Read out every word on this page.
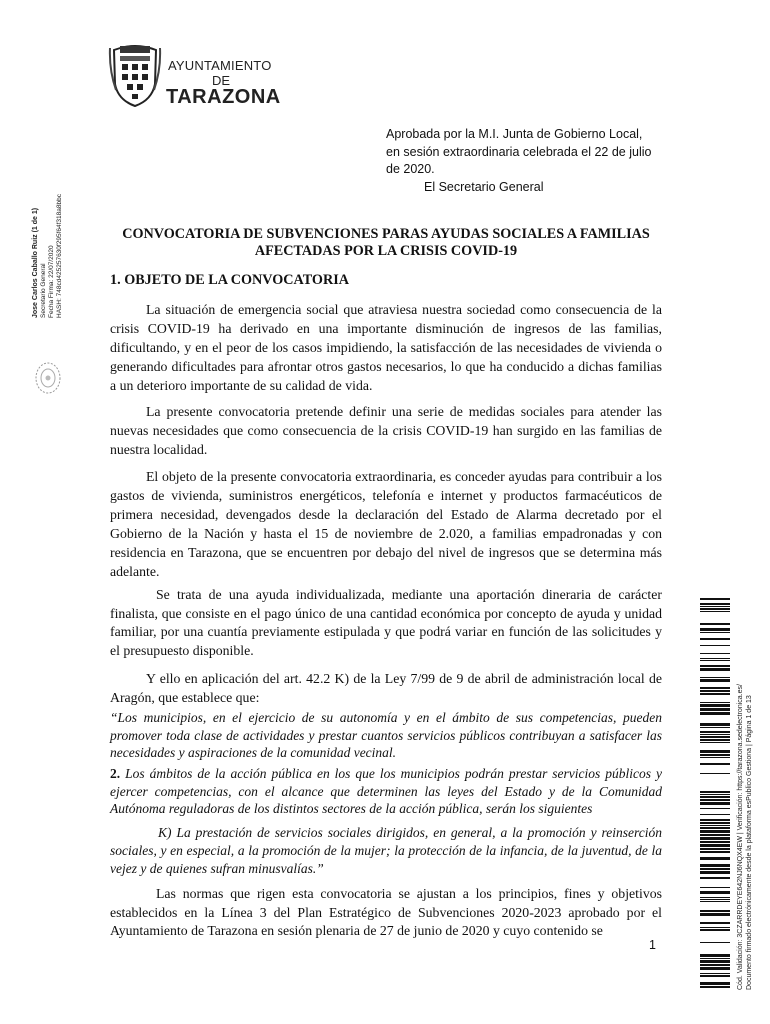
AYUNTAMIENTO
DE
TARAZONA
Aprobada por la M.I. Junta de Gobierno Local,
en sesión extraordinaria celebrada el 22 de julio
de 2020.
El Secretario General
Jose Carlos Caballo Ruiz (1 de 1) Secretario General Fecha Firma: 22/07/2020 HASH: 748cd425257630f295f64f318a8bbc
Cód. Validación: 3CZARRDEYE642NJ6NQX4EW | Verificación: https://tarazona.sedelectronica.es/ Documento firmado electrónicamente desde la plataforma esPublico Gestiona | Página 1 de 13
CONVOCATORIA DE SUBVENCIONES PARAS AYUDAS SOCIALES A FAMILIAS
AFECTADAS POR LA CRISIS COVID-19
1. OBJETO DE LA CONVOCATORIA

La situación de emergencia social que atraviesa nuestra sociedad como consecuencia de la crisis COVID-19 ha derivado en una importante disminución de ingresos de las familias, dificultando, y en el peor de los casos impidiendo, la satisfacción de las necesidades de vivienda o generando dificultades para afrontar otros gastos necesarios, lo que ha conducido a dichas familias a un deterioro importante de su calidad de vida.

La presente convocatoria pretende definir una serie de medidas sociales para atender las nuevas necesidades que como consecuencia de la crisis COVID-19 han surgido en las familias de nuestra localidad.

El objeto de la presente convocatoria extraordinaria, es conceder ayudas para contribuir a los gastos de vivienda, suministros energéticos, telefonía e internet y productos farmacéuticos de primera necesidad, devengados desde la declaración del Estado de Alarma decretado por el Gobierno de la Nación y hasta el 15 de noviembre de 2.020, a familias empadronadas y con residencia en Tarazona, que se encuentren por debajo del nivel de ingresos que se determina más adelante.

Se trata de una ayuda individualizada, mediante una aportación dineraria de carácter finalista, que consiste en el pago único de una cantidad económica por concepto de ayuda y unidad familiar, por una cuantía previamente estipulada y que podrá variar en función de las solicitudes y el presupuesto disponible.

Y ello en aplicación del art. 42.2 K) de la Ley 7/99 de 9 de abril de administración local de Aragón, que establece que:

“Los municipios, en el ejercicio de su autonomía y en el ámbito de sus competencias, pueden promover toda clase de actividades y prestar cuantos servicios públicos contribuyan a satisfacer las necesidades y aspiraciones de la comunidad vecinal.

2. Los ámbitos de la acción pública en los que los municipios podrán prestar servicios públicos y ejercer competencias, con el alcance que determinen las leyes del Estado y de la Comunidad Autónoma reguladoras de los distintos sectores de la acción pública, serán los siguientes

K) La prestación de servicios sociales dirigidos, en general, a la promoción y reinserción sociales, y en especial, a la promoción de la mujer; la protección de la infancia, de la juventud, de la vejez y de quienes sufran minusvalías.”

Las normas que rigen esta convocatoria se ajustan a los principios, fines y objetivos establecidos en la Línea 3 del Plan Estratégico de Subvenciones 2020-2023 aprobado por el Ayuntamiento de Tarazona en sesión plenaria de 27 de junio de 2020 y cuyo contenido se

1
